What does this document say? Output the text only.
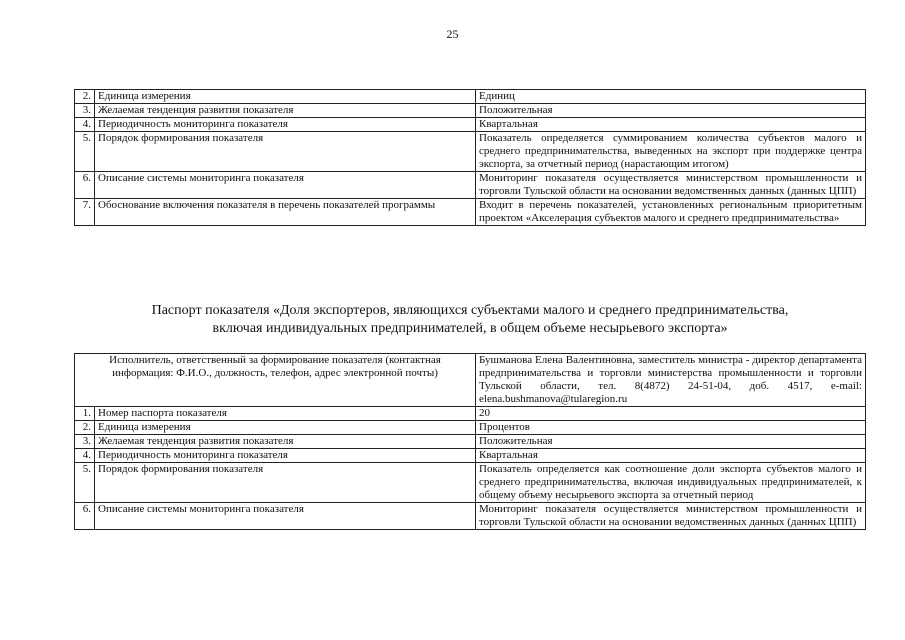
25
2.	Единица измерения	Единиц
3.	Желаемая тенденция развития показателя	Положительная
4.	Периодичность мониторинга показателя	Квартальная
5.	Порядок формирования показателя	Показатель определяется суммированием количества субъектов малого и среднего предпринимательства, выведенных на экспорт при поддержке центра экспорта, за отчетный период (нарастающим итогом)
6.	Описание системы мониторинга показателя	Мониторинг показателя осуществляется министерством промышленности и торговли Тульской области на основании ведомственных данных (данных ЦПП)
7.	Обоснование включения показателя в перечень показателей программы	Входит в перечень показателей, установленных региональным приоритетным проектом «Акселерация субъектов малого и среднего предпринимательства»
Паспорт показателя «Доля экспортеров, являющихся субъектами малого и среднего предпринимательства,
включая индивидуальных предпринимателей, в общем объеме несырьевого экспорта»
Исполнитель, ответственный за формирование показателя (контактная информация: Ф.И.О., должность, телефон, адрес электронной почты)		Бушманова Елена Валентиновна, заместитель министра - директор департамента предпринимательства и торговли министерства промышленности и торговли Тульской области, тел. 8(4872) 24-51-04, доб. 4517, e-mail: elena.bushmanova@tularegion.ru
1.	Номер паспорта показателя	20
2.	Единица измерения	Процентов
3.	Желаемая тенденция развития показателя	Положительная
4.	Периодичность мониторинга показателя	Квартальная
5.	Порядок формирования показателя	Показатель определяется как соотношение доли экспорта субъектов малого и среднего предпринимательства, включая индивидуальных предпринимателей, к общему объему несырьевого экспорта за отчетный период
6.	Описание системы мониторинга показателя	Мониторинг показателя осуществляется министерством промышленности и торговли Тульской области на основании ведомственных данных (данных ЦПП)
